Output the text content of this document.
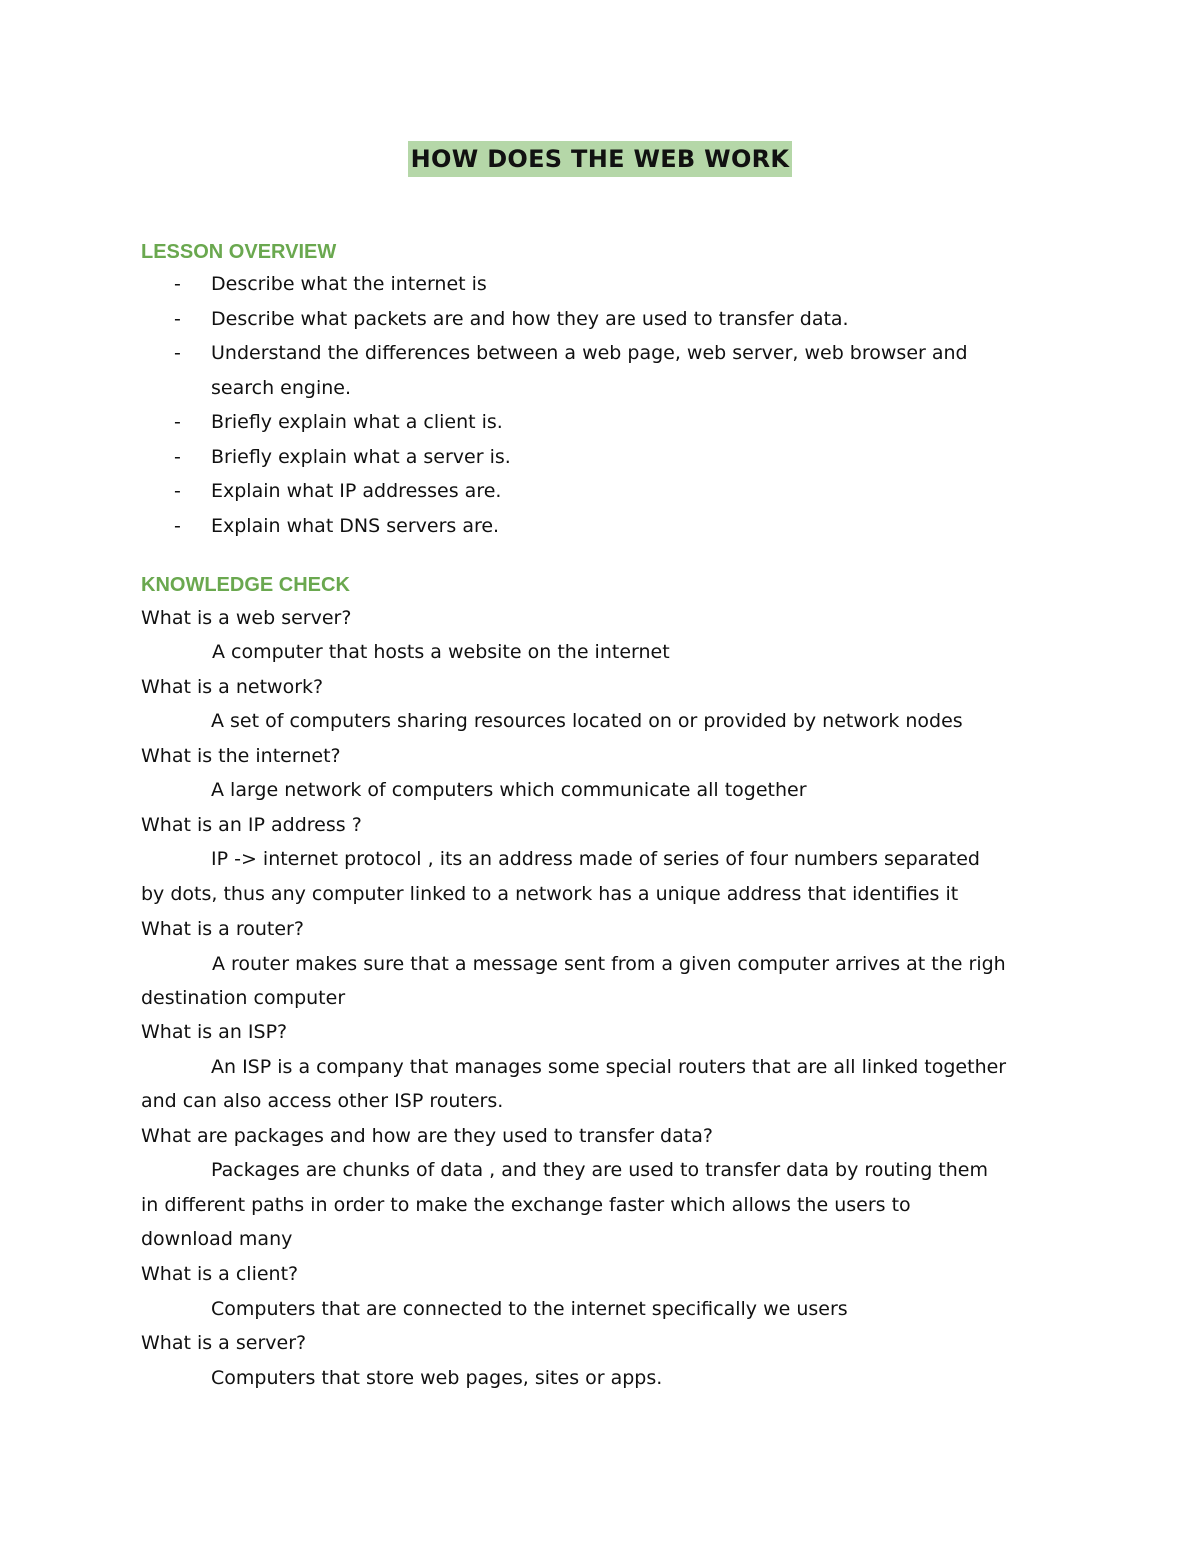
HOW DOES THE WEB WORK
LESSON OVERVIEW
- Describe what the internet is
- Describe what packets are and how they are used to transfer data.
- Understand the differences between a web page, web server, web browser and
search engine.
- Briefly explain what a client is.
- Briefly explain what a server is.
- Explain what IP addresses are.
- Explain what DNS servers are.
KNOWLEDGE CHECK
What is a web server?
A computer that hosts a website on the internet
What is a network?
A set of computers sharing resources located on or provided by network nodes
What is the internet?
A large network of computers which communicate all together
What is an IP address ?
IP -> internet protocol , its an address made of series of four numbers separated
by dots, thus any computer linked to a network has a unique address that identifies it
What is a router?
A router makes sure that a message sent from a given computer arrives at the righ
destination computer
What is an ISP?
An ISP is a company that manages some special routers that are all linked together
and can also access other ISP routers.
What are packages and how are they used to transfer data?
Packages are chunks of data , and they are used to transfer data by routing them
in different paths in order to make the exchange faster which allows the users to
download many
What is a client?
Computers that are connected to the internet specifically we users
What is a server?
Computers that store web pages, sites or apps.
